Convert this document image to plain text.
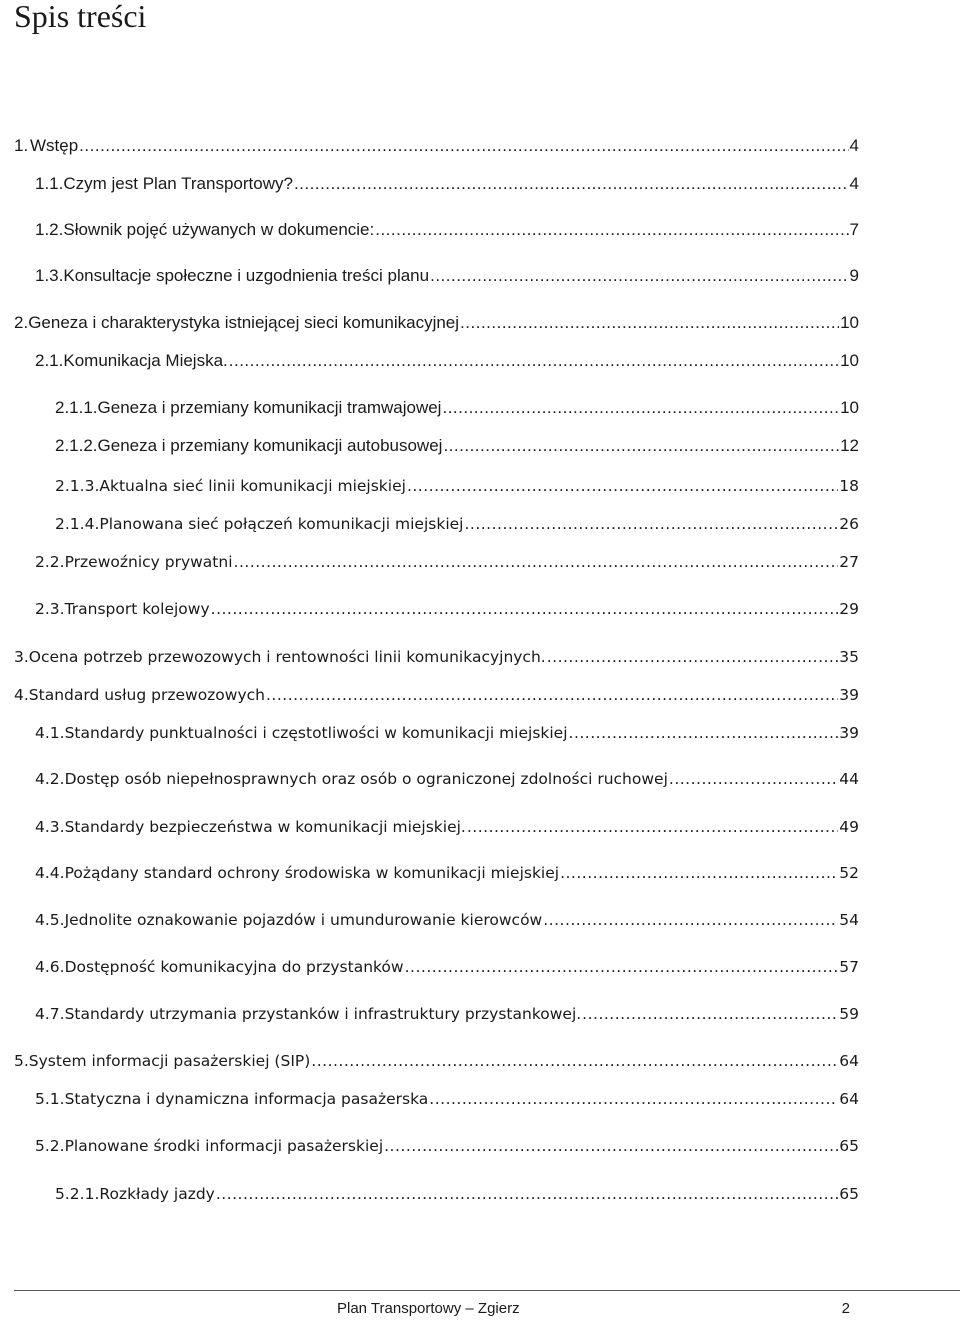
Spis treści
1. Wstęp .....	4
1.1. Czym jest Plan Transportowy? .....	4
1.2. Słownik pojęć używanych w dokumencie: .....	7
1.3. Konsultacje społeczne i uzgodnienia treści planu .....	9
2. Geneza i charakterystyka istniejącej sieci komunikacyjnej .....	10
2.1. Komunikacja Miejska. .....	10
2.1.1. Geneza i przemiany komunikacji tramwajowej .....	10
2.1.2. Geneza i przemiany komunikacji autobusowej .....	12
2.1.3. Aktualna sieć linii komunikacji miejskiej .....	18
2.1.4. Planowana sieć połączeń komunikacji miejskiej .....	26
2.2. Przewoźnicy prywatni .....	27
2.3. Transport kolejowy .....	29
3. Ocena potrzeb przewozowych i rentowności linii komunikacyjnych. .....	35
4. Standard usług przewozowych .....	39
4.1. Standardy punktualności i częstotliwości w komunikacji miejskiej .....	39
4.2. Dostęp osób niepełnosprawnych oraz osób o ograniczonej zdolności ruchowej .....	44
4.3. Standardy bezpieczeństwa w komunikacji miejskiej. .....	49
4.4. Pożądany standard ochrony środowiska w komunikacji miejskiej .....	52
4.5. Jednolite oznakowanie pojazdów i umundurowanie kierowców .....	54
4.6. Dostępność komunikacyjna do przystanków .....	57
4.7. Standardy utrzymania przystanków i infrastruktury przystankowej. .....	59
5. System informacji pasażerskiej (SIP) .....	64
5.1. Statyczna i dynamiczna informacja pasażerska .....	64
5.2. Planowane środki informacji pasażerskiej .....	65
5.2.1. Rozkłady jazdy .....	65
Plan Transportowy – Zgierz	2
